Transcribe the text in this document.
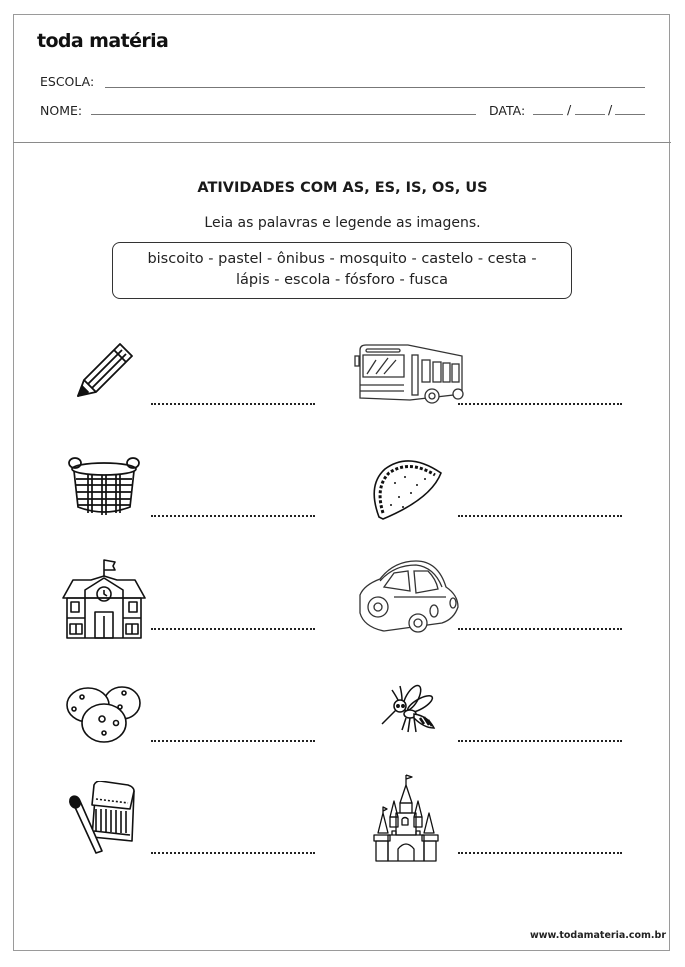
toda matéria
ESCOLA:
NOME:	DATA:	/	/
ATIVIDADES COM AS, ES, IS, OS, US
Leia as palavras e legende as imagens.
biscoito - pastel - ônibus - mosquito - castelo - cesta -
lápis - escola - fósforo - fusca
www.todamateria.com.br
